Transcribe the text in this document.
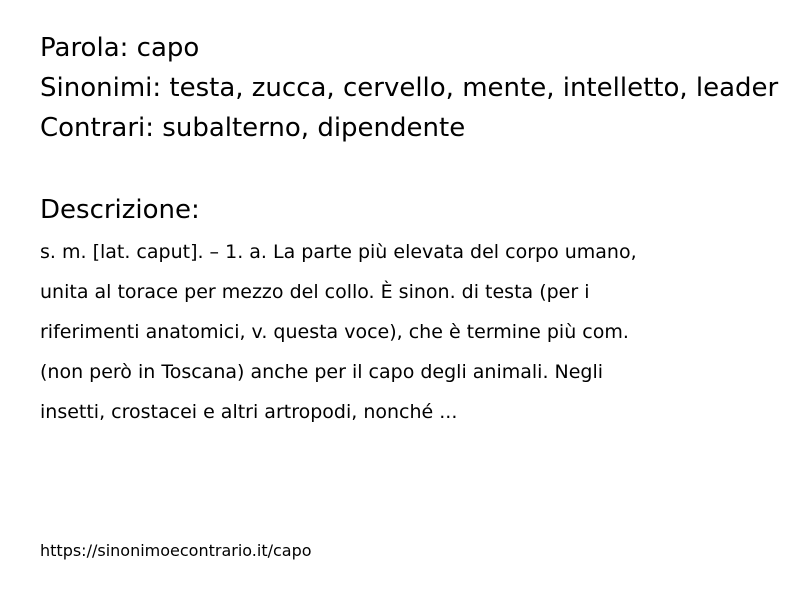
Parola: capo
Sinonimi: testa, zucca, cervello, mente, intelletto, leader
Contrari: subalterno, dipendente
Descrizione:
s. m. [lat. caput]. – 1. a. La parte più elevata del corpo umano,
unita al torace per mezzo del collo. È sinon. di testa (per i
riferimenti anatomici, v. questa voce), che è termine più com.
(non però in Toscana) anche per il capo degli animali. Negli
insetti, crostacei e altri artropodi, nonché ...
https://sinonimoecontrario.it/capo
